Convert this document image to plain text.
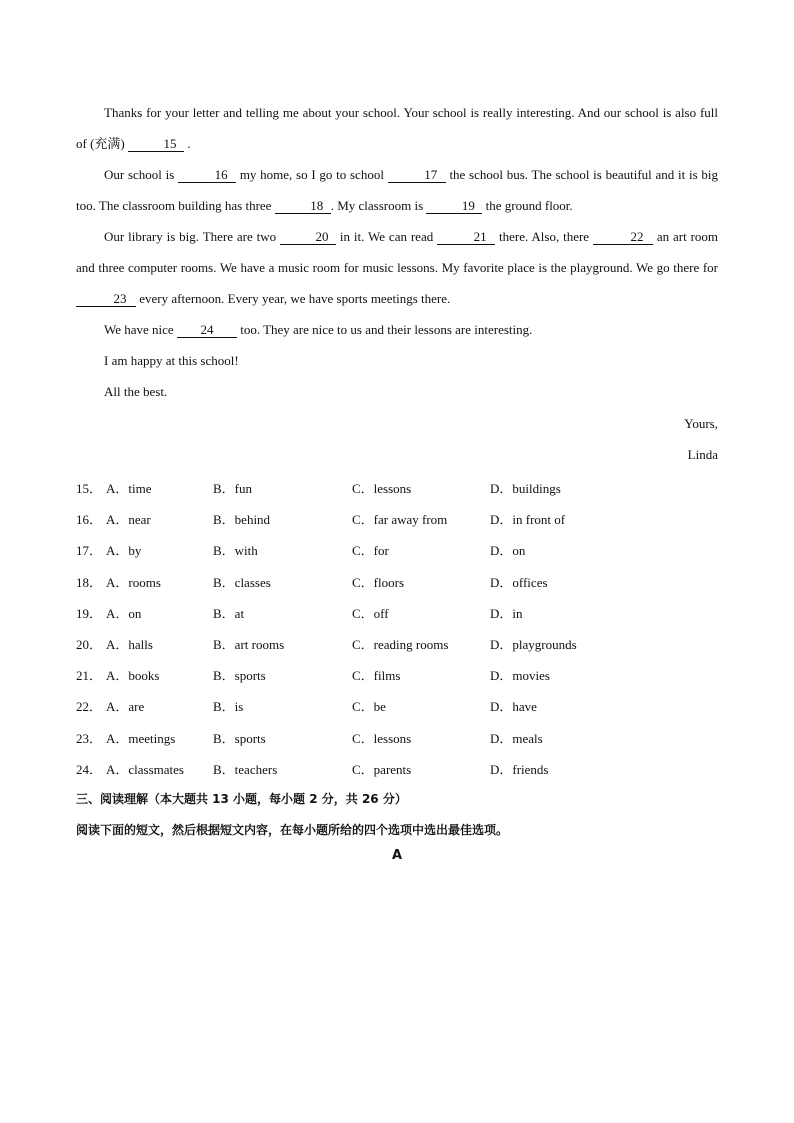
Thanks for your letter and telling me about your school. Your school is really interesting. And our school is also full of (充满)	15 .
Our school is	16 my home, so I go to school	17 the school bus. The school is beautiful and it is big too. The classroom building has three	18 . My classroom is	19 the ground floor.
Our library is big. There are two	20 in it. We can read	21 there. Also, there	22 an art room and three computer rooms. We have a music room for music lessons. My favorite place is the playground. We go there for 23 every afternoon. Every year, we have sports meetings there.
We have nice 24 too. They are nice to us and their lessons are interesting.
I am happy at this school!
All the best.
Yours,
Linda
15． A．time	B．fun	C．lessons	D．buildings
16． A．near	B．behind	C．far away from	D．in front of
17． A．by	B．with	C．for	D．on
18． A．rooms	B．classes	C．floors	D．offices
19． A．on	B．at	C．off	D．in
20． A．halls	B．art rooms	C．reading rooms	D．playgrounds
21． A．books	B．sports	C．films	D．movies
22． A．are	B．is	C．be	D．have
23． A．meetings	B．sports	C．lessons	D．meals
24． A．classmates B．teachers	C．parents	D．friends
三、阅读理解（本大题共 13 小题，每小题 2 分，共 26 分）
阅读下面的短文，然后根据短文内容，在每小题所给的四个选项中选出最佳选项。
A
